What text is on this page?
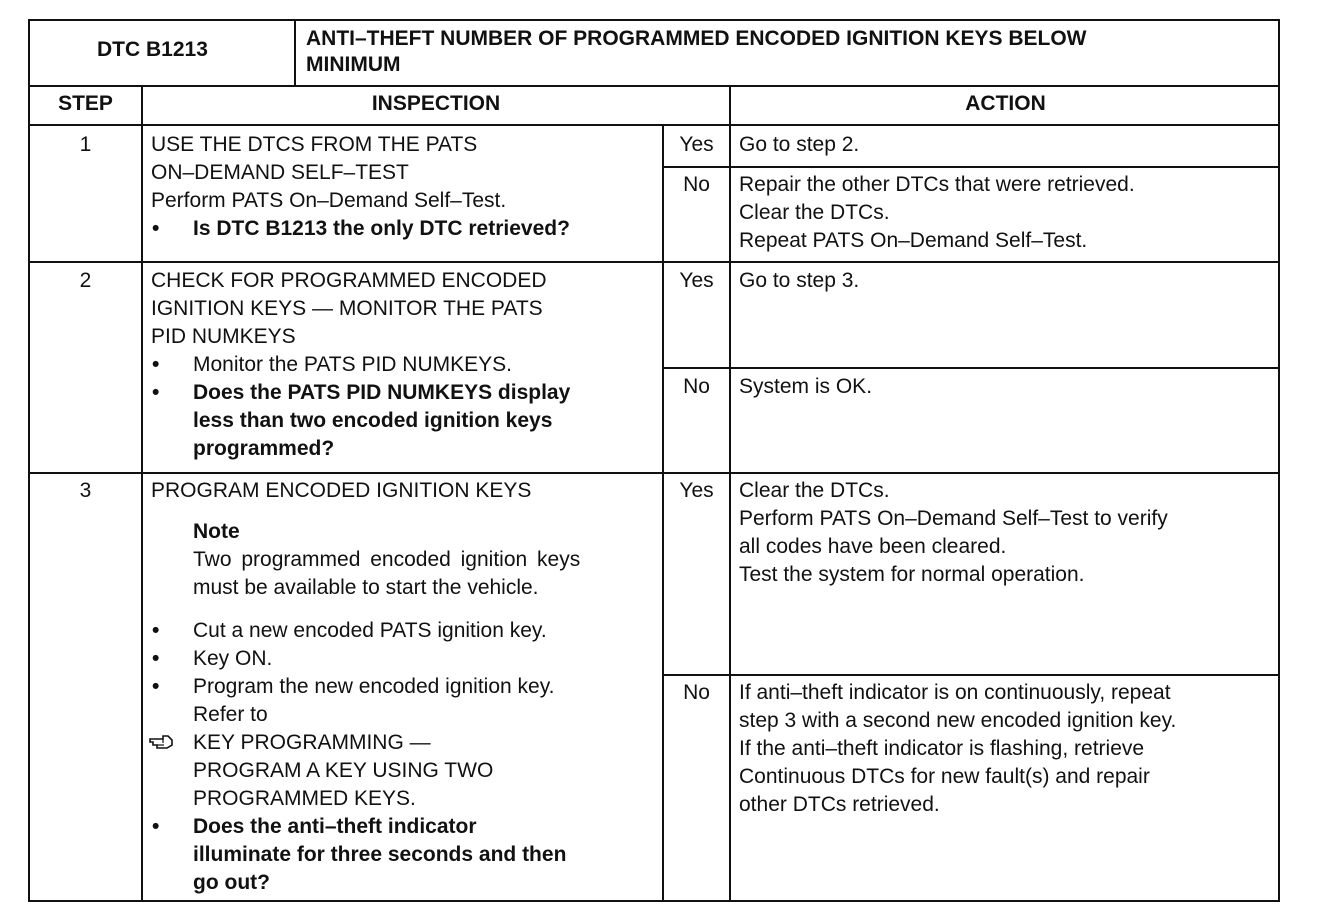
DTC B1213	ANTI–THEFT NUMBER OF PROGRAMMED ENCODED IGNITION KEYS BELOW
MINIMUM
STEP	INSPECTION	ACTION
1	USE THE DTCS FROM THE PATS
ON–DEMAND SELF–TEST
Perform PATS On–Demand Self–Test.
• Is DTC B1213 the only DTC retrieved?
Yes	Go to step 2.
No	Repair the other DTCs that were retrieved.
Clear the DTCs.
Repeat PATS On–Demand Self–Test.
2	CHECK FOR PROGRAMMED ENCODED
IGNITION KEYS — MONITOR THE PATS
PID NUMKEYS
• Monitor the PATS PID NUMKEYS.
• Does the PATS PID NUMKEYS display
less than two encoded ignition keys
programmed?
Yes	Go to step 3.
No	System is OK.
3	PROGRAM ENCODED IGNITION KEYS
Note
Two programmed encoded ignition keys
must be available to start the vehicle.
• Cut a new encoded PATS ignition key.
• Key ON.
• Program the new encoded ignition key.
Refer to
KEY PROGRAMMING —
PROGRAM A KEY USING TWO
PROGRAMMED KEYS.
• Does the anti–theft indicator
illuminate for three seconds and then
go out?
Yes	Clear the DTCs.
Perform PATS On–Demand Self–Test to verify
all codes have been cleared.
Test the system for normal operation.
No	If anti–theft indicator is on continuously, repeat
step 3 with a second new encoded ignition key.
If the anti–theft indicator is flashing, retrieve
Continuous DTCs for new fault(s) and repair
other DTCs retrieved.
